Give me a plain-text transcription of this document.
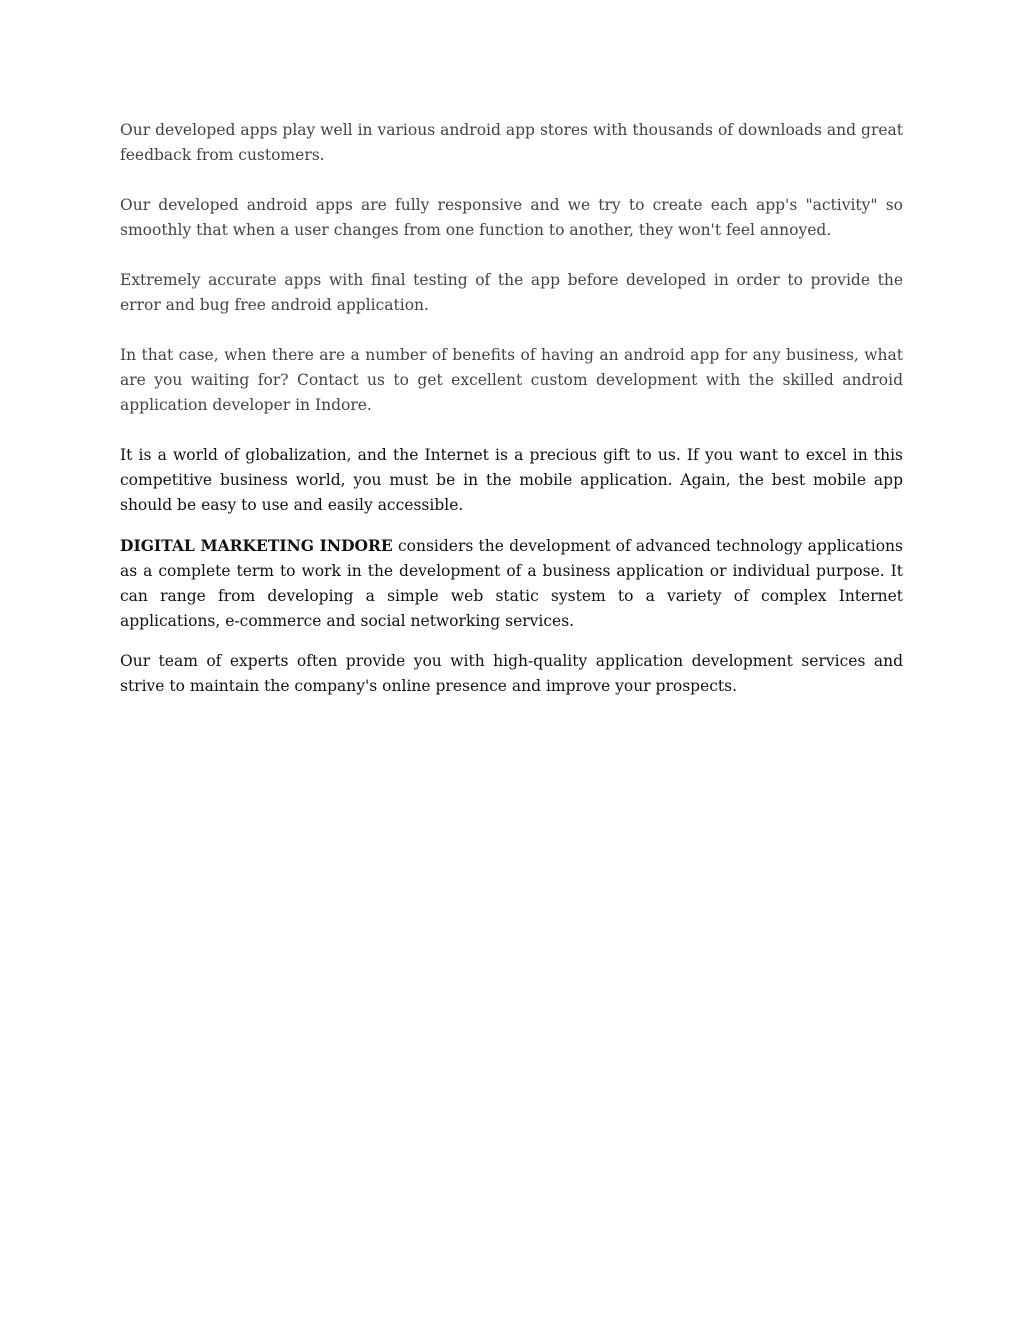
Our developed apps play well in various android app stores with thousands of downloads and great feedback from customers.

Our developed android apps are fully responsive and we try to create each app's "activity" so smoothly that when a user changes from one function to another, they won't feel annoyed.

Extremely accurate apps with final testing of the app before developed in order to provide the error and bug free android application.

In that case, when there are a number of benefits of having an android app for any business, what are you waiting for? Contact us to get excellent custom development with the skilled android application developer in Indore.

It is a world of globalization, and the Internet is a precious gift to us. If you want to excel in this competitive business world, you must be in the mobile application. Again, the best mobile app should be easy to use and easily accessible.

DIGITAL MARKETING INDORE considers the development of advanced technology applications as a complete term to work in the development of a business application or individual purpose. It can range from developing a simple web static system to a variety of complex Internet applications, e-commerce and social networking services.

Our team of experts often provide you with high-quality application development services and strive to maintain the company's online presence and improve your prospects.
